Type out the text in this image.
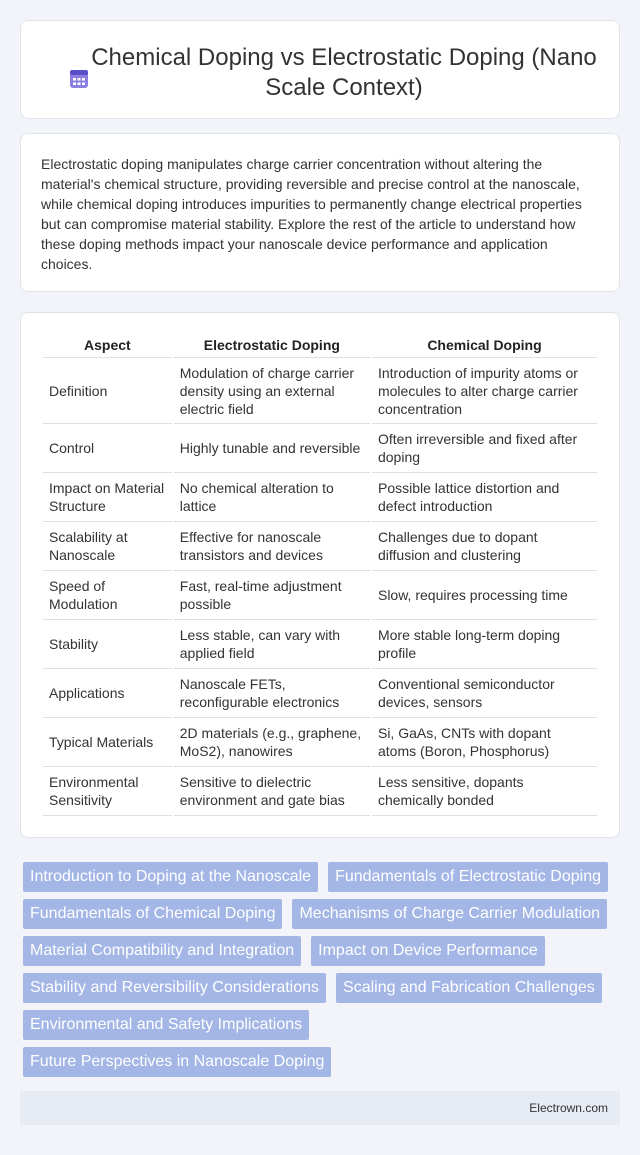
Chemical Doping vs Electrostatic Doping (Nano Scale Context)

Electrostatic doping manipulates charge carrier concentration without altering the material's chemical structure, providing reversible and precise control at the nanoscale, while chemical doping introduces impurities to permanently change electrical properties but can compromise material stability. Explore the rest of the article to understand how these doping methods impact your nanoscale device performance and application choices.

Aspect	Electrostatic Doping	Chemical Doping
Definition	Modulation of charge carrier density using an external electric field	Introduction of impurity atoms or molecules to alter charge carrier concentration
Control	Highly tunable and reversible	Often irreversible and fixed after doping
Impact on Material Structure	No chemical alteration to lattice	Possible lattice distortion and defect introduction
Scalability at Nanoscale	Effective for nanoscale transistors and devices	Challenges due to dopant diffusion and clustering
Speed of Modulation	Fast, real-time adjustment possible	Slow, requires processing time
Stability	Less stable, can vary with applied field	More stable long-term doping profile
Applications	Nanoscale FETs, reconfigurable electronics	Conventional semiconductor devices, sensors
Typical Materials	2D materials (e.g., graphene, MoS2), nanowires	Si, GaAs, CNTs with dopant atoms (Boron, Phosphorus)
Environmental Sensitivity	Sensitive to dielectric environment and gate bias	Less sensitive, dopants chemically bonded
Introduction to Doping at the Nanoscale	Fundamentals of Electrostatic Doping
Fundamentals of Chemical Doping	Mechanisms of Charge Carrier Modulation
Material Compatibility and Integration	Impact on Device Performance
Stability and Reversibility Considerations	Scaling and Fabrication Challenges
Environmental and Safety Implications
Future Perspectives in Nanoscale Doping
Electrown.com
